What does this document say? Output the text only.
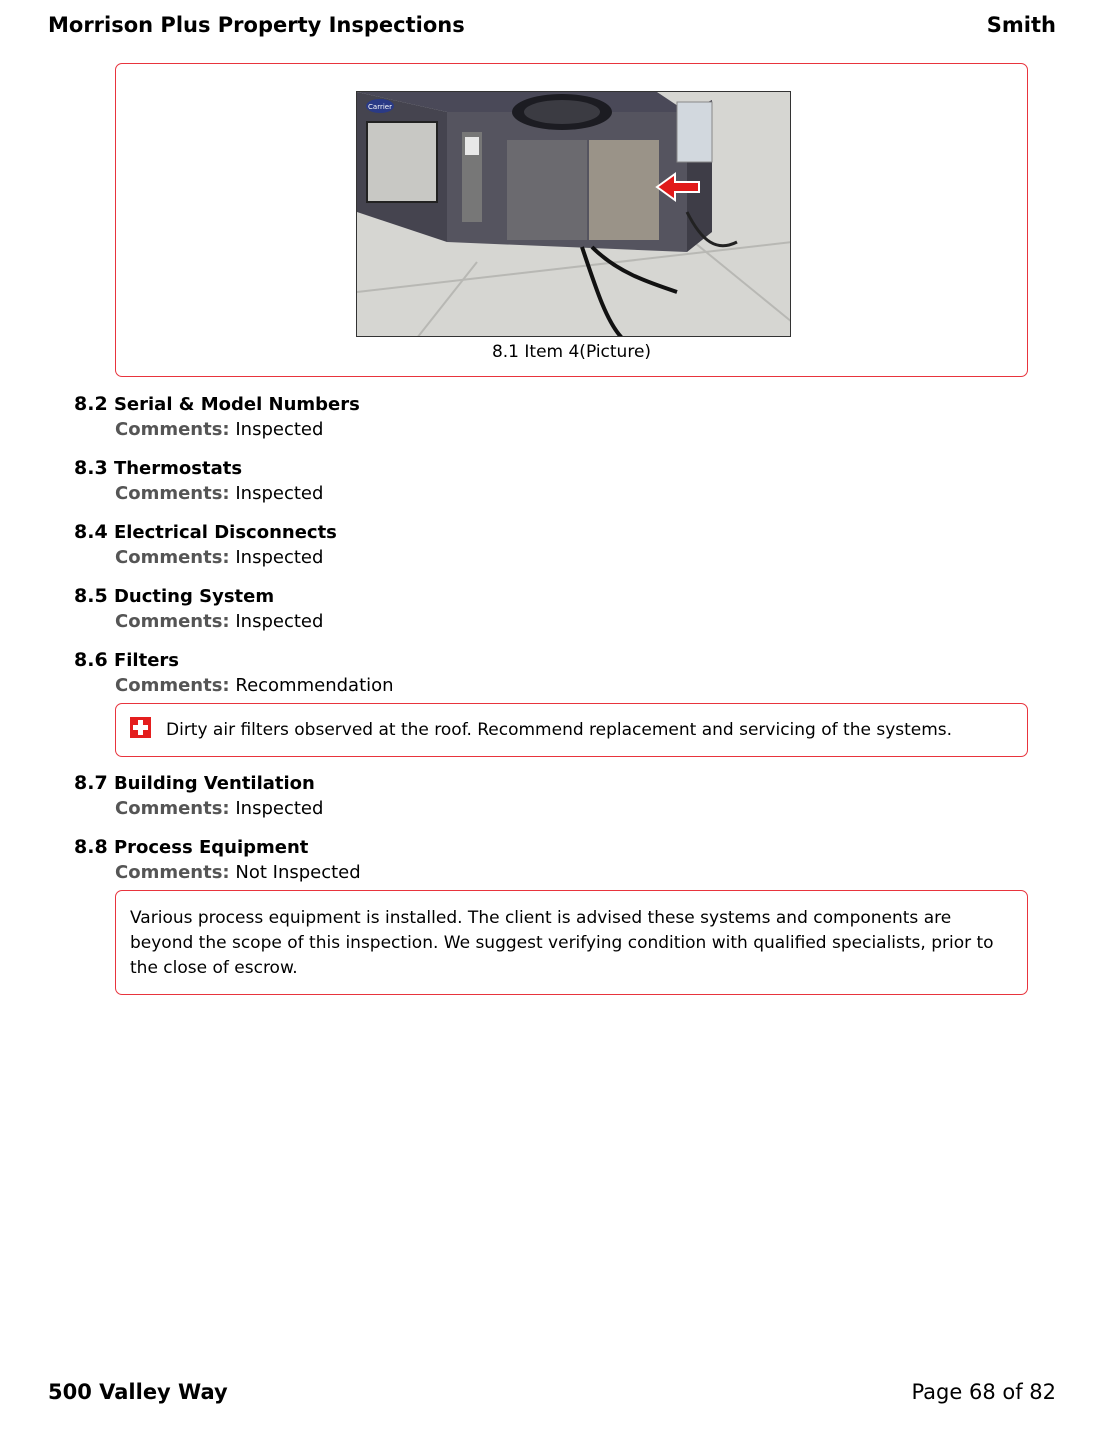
Morrison Plus Property Inspections	Smith
Carrier
8.1 Item 4(Picture)
8.2 Serial & Model Numbers
Comments: Inspected
8.3 Thermostats
Comments: Inspected
8.4 Electrical Disconnects
Comments: Inspected
8.5 Ducting System
Comments: Inspected
8.6 Filters
Comments: Recommendation
Dirty air filters observed at the roof. Recommend replacement and servicing of the systems.
8.7 Building Ventilation
Comments: Inspected
8.8 Process Equipment
Comments: Not Inspected
Various process equipment is installed. The client is advised these systems and components are beyond the scope of this inspection. We suggest verifying condition with qualified specialists, prior to the close of escrow.
500 Valley Way	Page 68 of 82
